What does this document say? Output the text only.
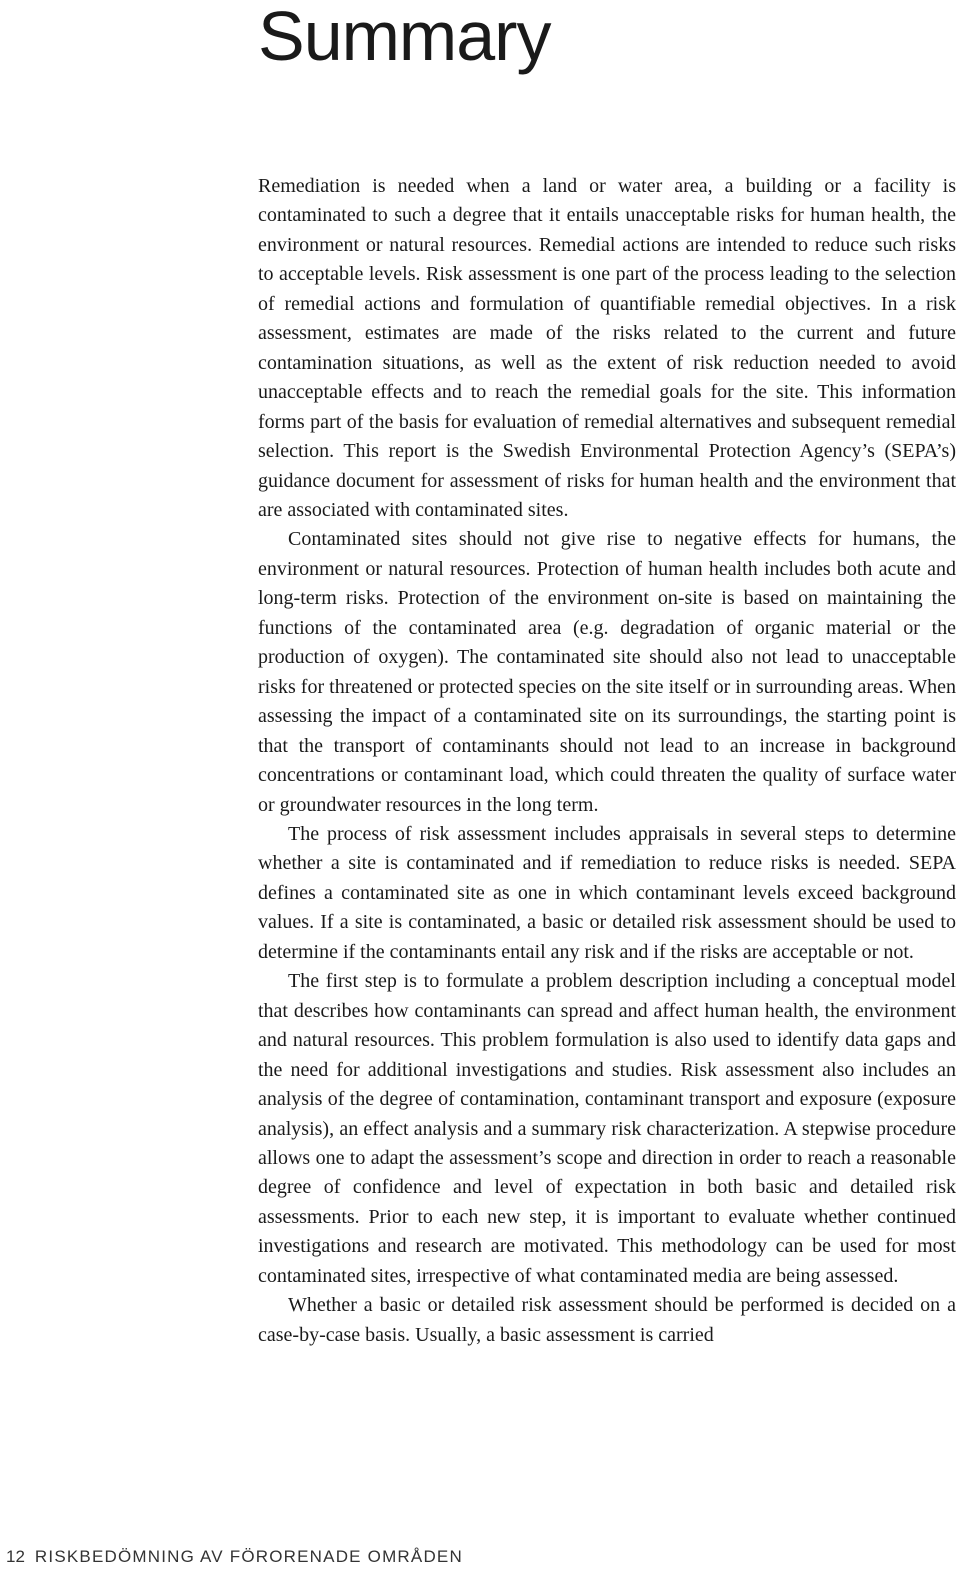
Summary

Remediation is needed when a land or water area, a building or a facility is contaminated to such a degree that it entails unacceptable risks for human health, the environment or natural resources. Remedial actions are intended to reduce such risks to acceptable levels. Risk assessment is one part of the process leading to the selection of remedial actions and formulation of quantifiable remedial objectives. In a risk assessment, estimates are made of the risks related to the current and future contamination situations, as well as the extent of risk reduction needed to avoid unacceptable effects and to reach the remedial goals for the site. This information forms part of the basis for evaluation of remedial alternatives and subsequent remedial selection. This report is the Swedish Environmental Protection Agency’s (SEPA’s) guidance document for assessment of risks for human health and the environment that are associated with contaminated sites.

Contaminated sites should not give rise to negative effects for humans, the environment or natural resources. Protection of human health includes both acute and long-term risks. Protection of the environment on-site is based on maintaining the functions of the contaminated area (e.g. degradation of organic material or the production of oxygen). The contaminated site should also not lead to unacceptable risks for threatened or protected species on the site itself or in surrounding areas. When assessing the impact of a contaminated site on its surroundings, the starting point is that the transport of contaminants should not lead to an increase in background concentrations or contaminant load, which could threaten the quality of surface water or groundwater resources in the long term.

The process of risk assessment includes appraisals in several steps to determine whether a site is contaminated and if remediation to reduce risks is needed. SEPA defines a contaminated site as one in which contaminant levels exceed background values. If a site is contaminated, a basic or detailed risk assessment should be used to determine if the contaminants entail any risk and if the risks are acceptable or not.

The first step is to formulate a problem description including a conceptual model that describes how contaminants can spread and affect human health, the environment and natural resources. This problem formulation is also used to identify data gaps and the need for additional investigations and studies. Risk assessment also includes an analysis of the degree of contamination, contaminant transport and exposure (exposure analysis), an effect analysis and a summary risk characterization. A stepwise procedure allows one to adapt the assessment’s scope and direction in order to reach a reasonable degree of confidence and level of expectation in both basic and detailed risk assessments. Prior to each new step, it is important to evaluate whether continued investigations and research are motivated. This methodology can be used for most contaminated sites, irrespective of what contaminated media are being assessed.

Whether a basic or detailed risk assessment should be performed is decided on a case-by-case basis. Usually, a basic assessment is carried

12 RISKBEDÖMNING AV FÖRORENADE OMRÅDEN
